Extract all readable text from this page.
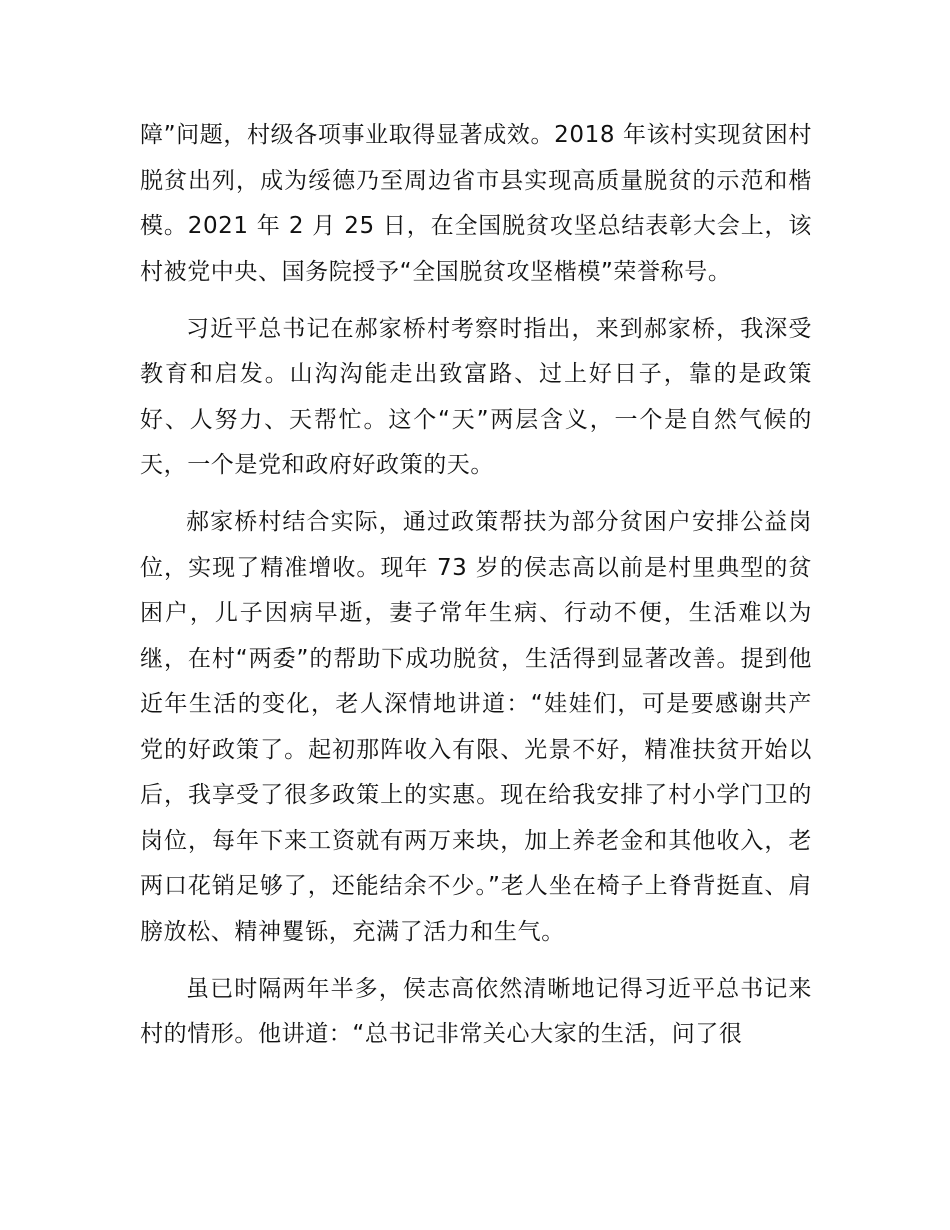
障”问题，村级各项事业取得显著成效。2018 年该村实现贫困村脱贫出列，成为绥德乃至周边省市县实现高质量脱贫的示范和楷模。2021 年 2 月 25 日，在全国脱贫攻坚总结表彰大会上，该村被党中央、国务院授予“全国脱贫攻坚楷模”荣誉称号。

习近平总书记在郝家桥村考察时指出，来到郝家桥，我深受教育和启发。山沟沟能走出致富路、过上好日子，靠的是政策好、人努力、天帮忙。这个“天”两层含义，一个是自然气候的天，一个是党和政府好政策的天。

郝家桥村结合实际，通过政策帮扶为部分贫困户安排公益岗位，实现了精准增收。现年 73 岁的侯志高以前是村里典型的贫困户，儿子因病早逝，妻子常年生病、行动不便，生活难以为继，在村“两委”的帮助下成功脱贫，生活得到显著改善。提到他近年生活的变化，老人深情地讲道：“娃娃们，可是要感谢共产党的好政策了。起初那阵收入有限、光景不好，精准扶贫开始以后，我享受了很多政策上的实惠。现在给我安排了村小学门卫的岗位，每年下来工资就有两万来块，加上养老金和其他收入，老两口花销足够了，还能结余不少。”老人坐在椅子上脊背挺直、肩膀放松、精神矍铄，充满了活力和生气。

虽已时隔两年半多，侯志高依然清晰地记得习近平总书记来村的情形。他讲道：“总书记非常关心大家的生活，问了很
